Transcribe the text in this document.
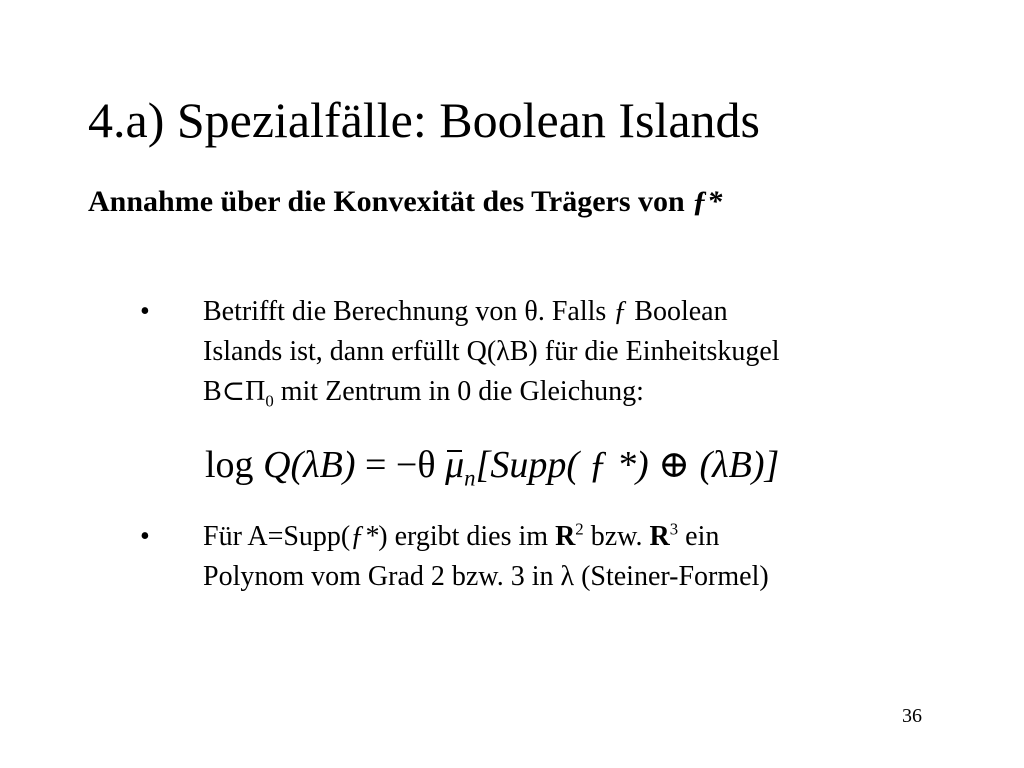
4.a) Spezialfälle: Boolean Islands
Annahme über die Konvexität des Trägers von ƒ*
• Betrifft die Berechnung von θ. Falls ƒ Boolean
Islands ist, dann erfüllt Q(λB) für die Einheitskugel
$B\subset\Pi_0$ mit Zentrum in 0 die Gleichung:
log Q(λB) = −θ $\mu_n[Supp$( ƒ *) ⊕ (λB)]
• Für A=Supp(ƒ*) ergibt dies im $R^2$ bzw. $R^3$ ein
Polynom vom Grad 2 bzw. 3 in λ (Steiner-Formel)
36
